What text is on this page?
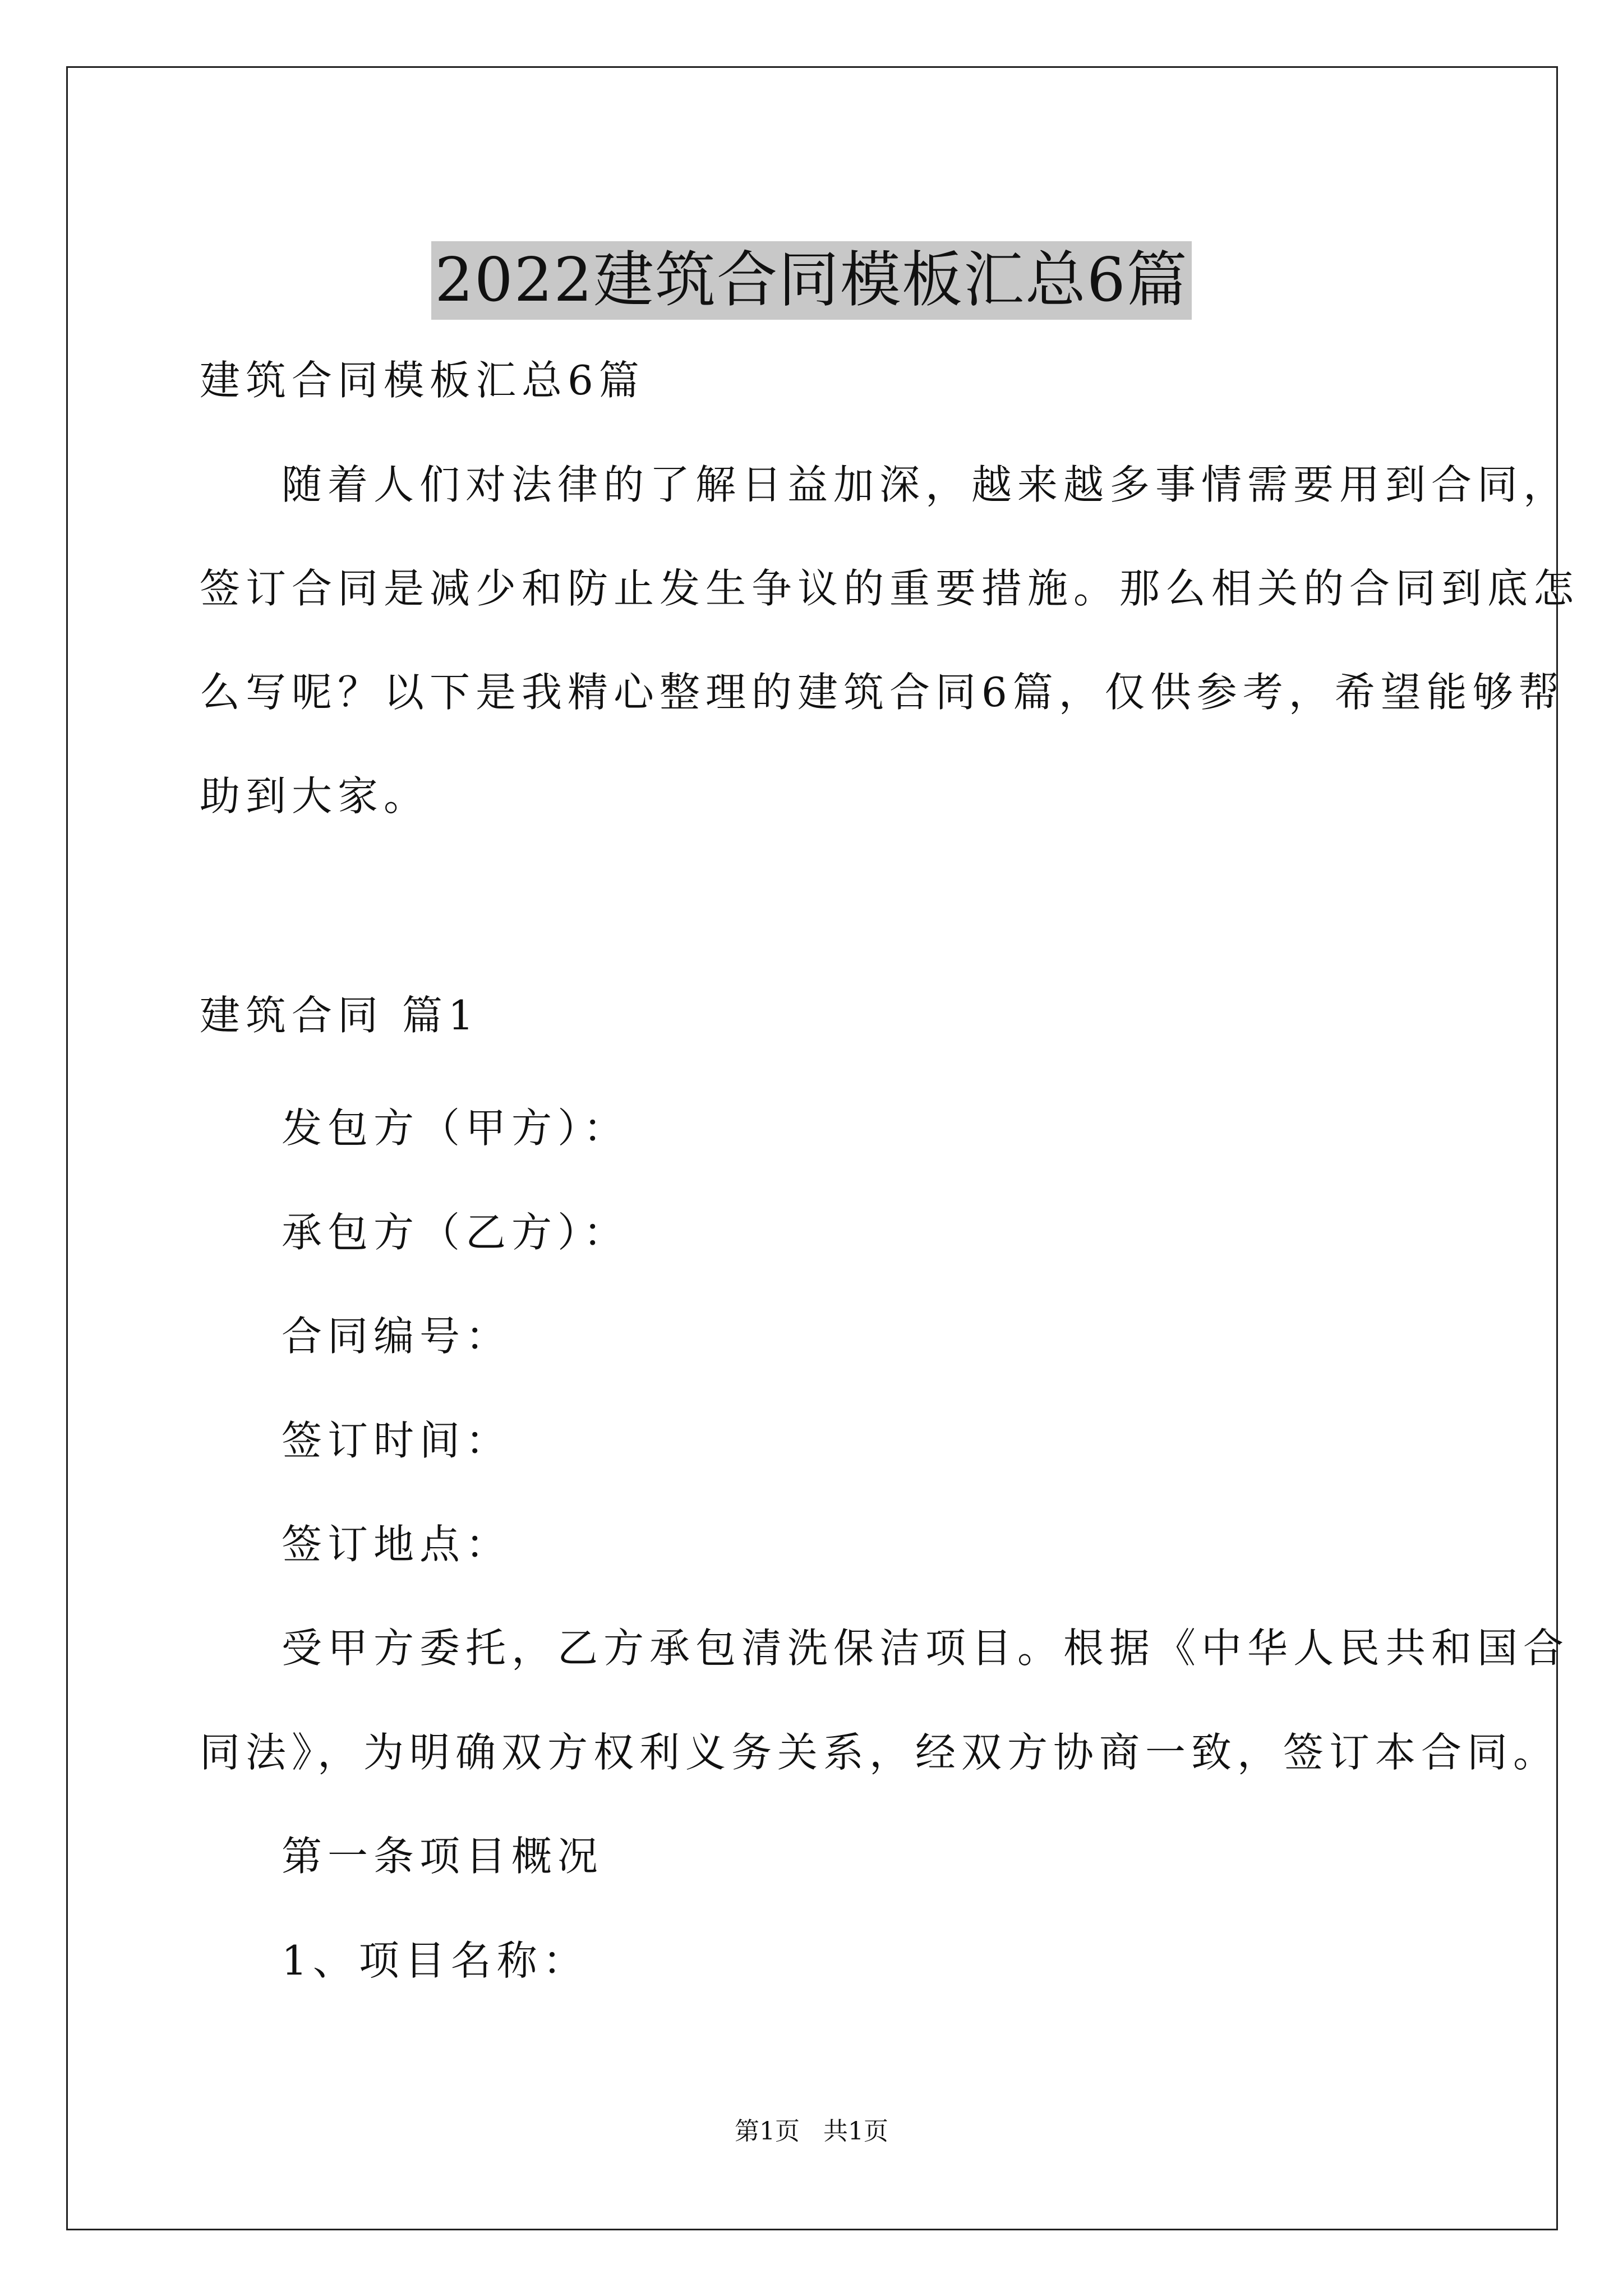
2022建筑合同模板汇总6篇
建筑合同模板汇总6篇
随着人们对法律的了解日益加深，越来越多事情需要用到合同，
签订合同是减少和防止发生争议的重要措施。那么相关的合同到底怎
么写呢？以下是我精心整理的建筑合同6篇，仅供参考，希望能够帮
助到大家。
建筑合同 篇1
发包方（甲方）：
承包方（乙方）：
合同编号：
签订时间：
签订地点：
受甲方委托，乙方承包清洗保洁项目。根据《中华人民共和国合
同法》，为明确双方权利义务关系，经双方协商一致，签订本合同。
第一条项目概况
1、项目名称：
第1页   共1页
